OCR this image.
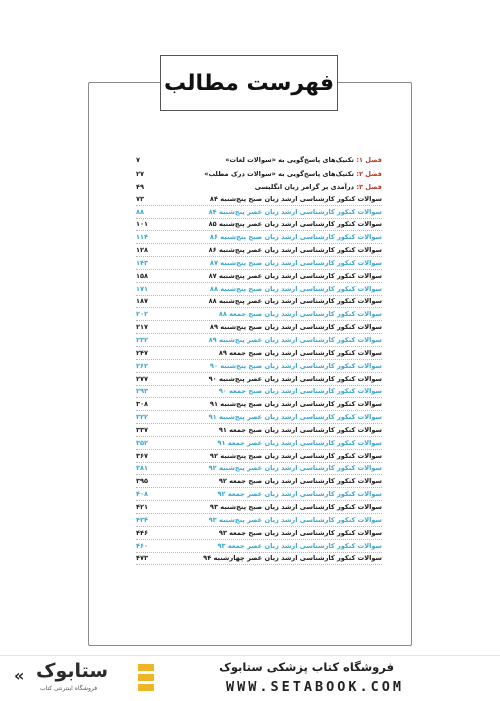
فهرست مطالب
فصل ۱: تکنیک‌های پاسخ‌گویی به «سوالات لغات»
۷
فصل ۲: تکنیک‌های پاسخ‌گویی به «سوالات درک مطلب»
۲۷
فصل ۳: درآمدی بر گرامر زبان انگلیسی
۴۹
سوالات کنکور کارشناسی ارشد زبان صبح پنج‌شنبه ۸۴
۷۳
سوالات کنکور کارشناسی ارشد زبان عصر پنج‌شنبه ۸۴
۸۸
سوالات کنکور کارشناسی ارشد زبان عصر پنج‌شنبه ۸۵
۱۰۱
سوالات کنکور کارشناسی ارشد زبان صبح پنج‌شنبه ۸۶
۱۱۴
سوالات کنکور کارشناسی ارشد زبان عصر پنج‌شنبه ۸۶
۱۲۸
سوالات کنکور کارشناسی ارشد زبان صبح پنج‌شنبه ۸۷
۱۴۳
سوالات کنکور کارشناسی ارشد زبان عصر پنج‌شنبه ۸۷
۱۵۸
سوالات کنکور کارشناسی ارشد زبان صبح پنج‌شنبه ۸۸
۱۷۱
سوالات کنکور کارشناسی ارشد زبان عصر پنج‌شنبه ۸۸
۱۸۷
سوالات کنکور کارشناسی ارشد زبان صبح جمعه ۸۸
۲۰۲
سوالات کنکور کارشناسی ارشد زبان صبح پنج‌شنبه ۸۹
۲۱۷
سوالات کنکور کارشناسی ارشد زبان عصر پنج‌شنبه ۸۹
۲۳۲
سوالات کنکور کارشناسی ارشد زبان صبح جمعه ۸۹
۲۴۷
سوالات کنکور کارشناسی ارشد زبان صبح پنج‌شنبه ۹۰
۲۶۲
سوالات کنکور کارشناسی ارشد زبان عصر پنج‌شنبه ۹۰
۲۷۷
سوالات کنکور کارشناسی ارشد زبان صبح جمعه ۹۰
۲۹۳
سوالات کنکور کارشناسی ارشد زبان صبح پنج‌شنبه ۹۱
۳۰۸
سوالات کنکور کارشناسی ارشد زبان عصر پنج‌شنبه ۹۱
۳۲۲
سوالات کنکور کارشناسی ارشد زبان صبح جمعه ۹۱
۳۳۷
سوالات کنکور کارشناسی ارشد زبان عصر جمعه ۹۱
۳۵۲
سوالات کنکور کارشناسی ارشد زبان صبح پنج‌شنبه ۹۲
۳۶۷
سوالات کنکور کارشناسی ارشد زبان عصر پنج‌شنبه ۹۲
۳۸۱
سوالات کنکور کارشناسی ارشد زبان صبح جمعه ۹۲
۳۹۵
سوالات کنکور کارشناسی ارشد زبان عصر جمعه ۹۲
۴۰۸
سوالات کنکور کارشناسی ارشد زبان صبح پنج‌شنبه ۹۳
۴۲۱
سوالات کنکور کارشناسی ارشد زبان عصر پنج‌شنبه ۹۳
۴۳۴
سوالات کنکور کارشناسی ارشد زبان صبح جمعه ۹۳
۴۴۶
سوالات کنکور کارشناسی ارشد زبان عصر جمعه ۹۳
۴۶۰
سوالات کنکور کارشناسی ارشد زبان عصر چهارشنبه ۹۴
۴۷۳
« ستابوک
فروشگاه اینترنتی کتاب
فروشگاه کتاب پزشکی ستابوک
WWW.SETABOOK.COM
